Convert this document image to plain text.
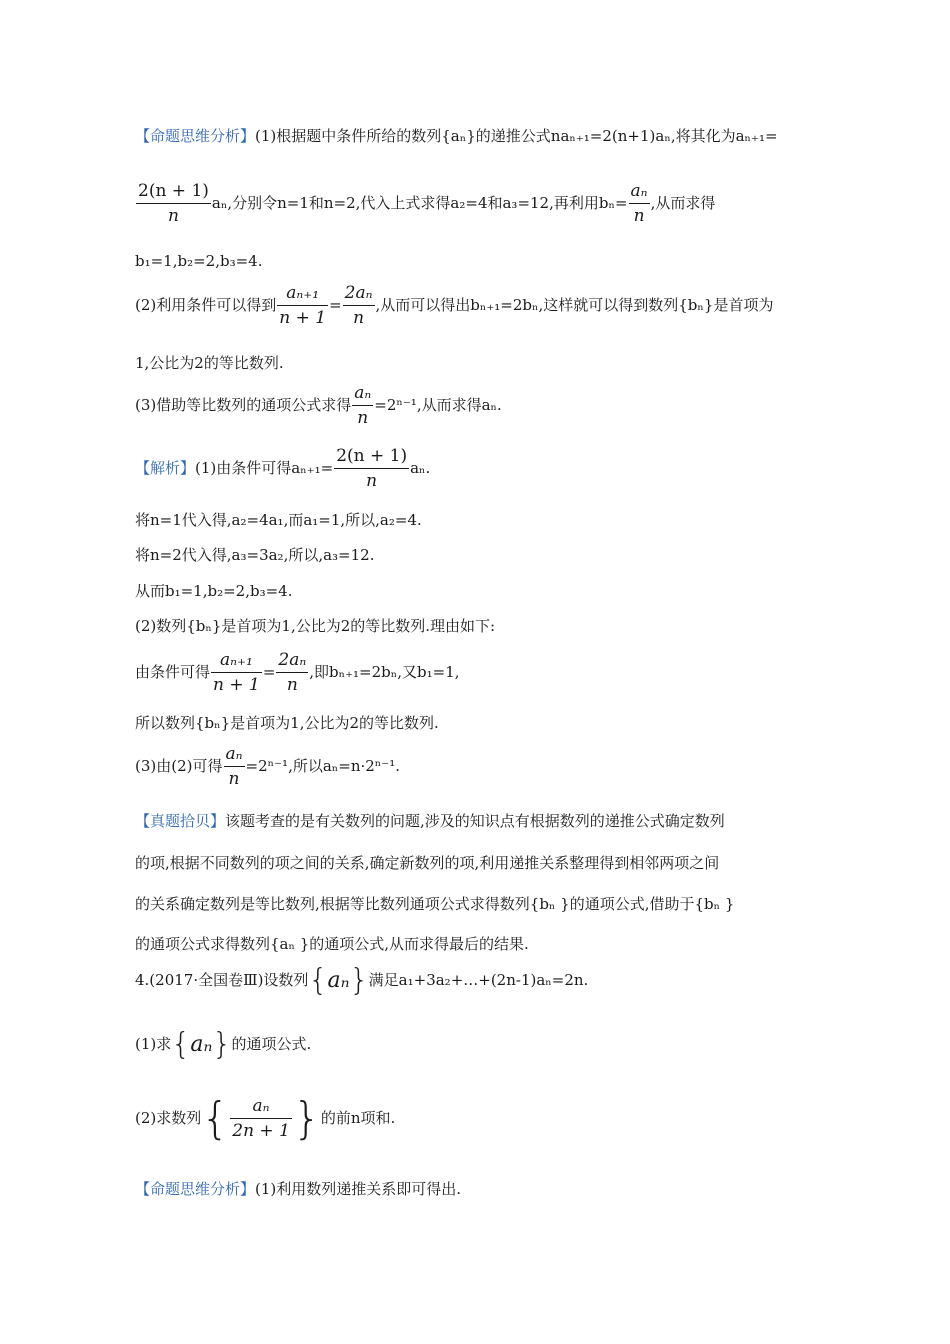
【命题思维分析】(1)根据题中条件所给的数列{aₙ}的递推公式naₙ₊₁=2(n+1)aₙ,将其化为aₙ₊₁=
$\frac{2(n + 1)}{n} a_n$,分别令n=1和n=2,代入上式求得a₂=4和a₃=12,再利用$b_n= \frac{\text{aₙ}}{n}$ ,从而求得
b₁=1,b₂=2,b₃=4.
(2)利用条件可以得到 $\frac{\text{aₙ₊₁}}{n + 1} = \frac{\text{2aₙ}}{n}$ ,从而可以得出bₙ₊₁=2bₙ,这样就可以得到数列{bₙ}是首项为
1,公比为2的等比数列.
(3)借助等比数列的通项公式求得 $\frac{\text{aₙ}}{n} =2^{n-1}$,从而求得aₙ.
【解析】(1)由条件可得$a_{n+1}= \frac{2(n + 1)}{n} a_n$.
将n=1代入得,a₂=4a₁,而a₁=1,所以,a₂=4.
将n=2代入得,a₃=3a₂,所以,a₃=12.
从而b₁=1,b₂=2,b₃=4.
(2)数列{bₙ}是首项为1,公比为2的等比数列.理由如下:
由条件可得 $\frac{\text{aₙ₊₁}}{n + 1} = \frac{\text{2aₙ}}{n}$ ,即bₙ₊₁=2bₙ,又b₁=1,
所以数列{bₙ}是首项为1,公比为2的等比数列.
(3)由(2)可得 $\frac{\text{aₙ}}{n} =2^{n-1}$,所以aₙ=n·2ⁿ⁻¹.
【真题拾贝】该题考查的是有关数列的问题,涉及的知识点有根据数列的递推公式确定数列
的项,根据不同数列的项之间的关系,确定新数列的项,利用递推关系整理得到相邻两项之间
的关系确定数列是等比数列,根据等比数列通项公式求得数列{bₙ }的通项公式,借助于{bₙ }
的通项公式求得数列{aₙ }的通项公式,从而求得最后的结果.
4.(2017·全国卷Ⅲ)设数列{aₙ}满足a₁+3a₂+…+(2n-1)aₙ=2n.
(1)求{aₙ}的通项公式.
(2)求数列{ $\frac{\text{aₙ}}{2n + 1}$ }的前n项和.
【命题思维分析】(1)利用数列递推关系即可得出.
